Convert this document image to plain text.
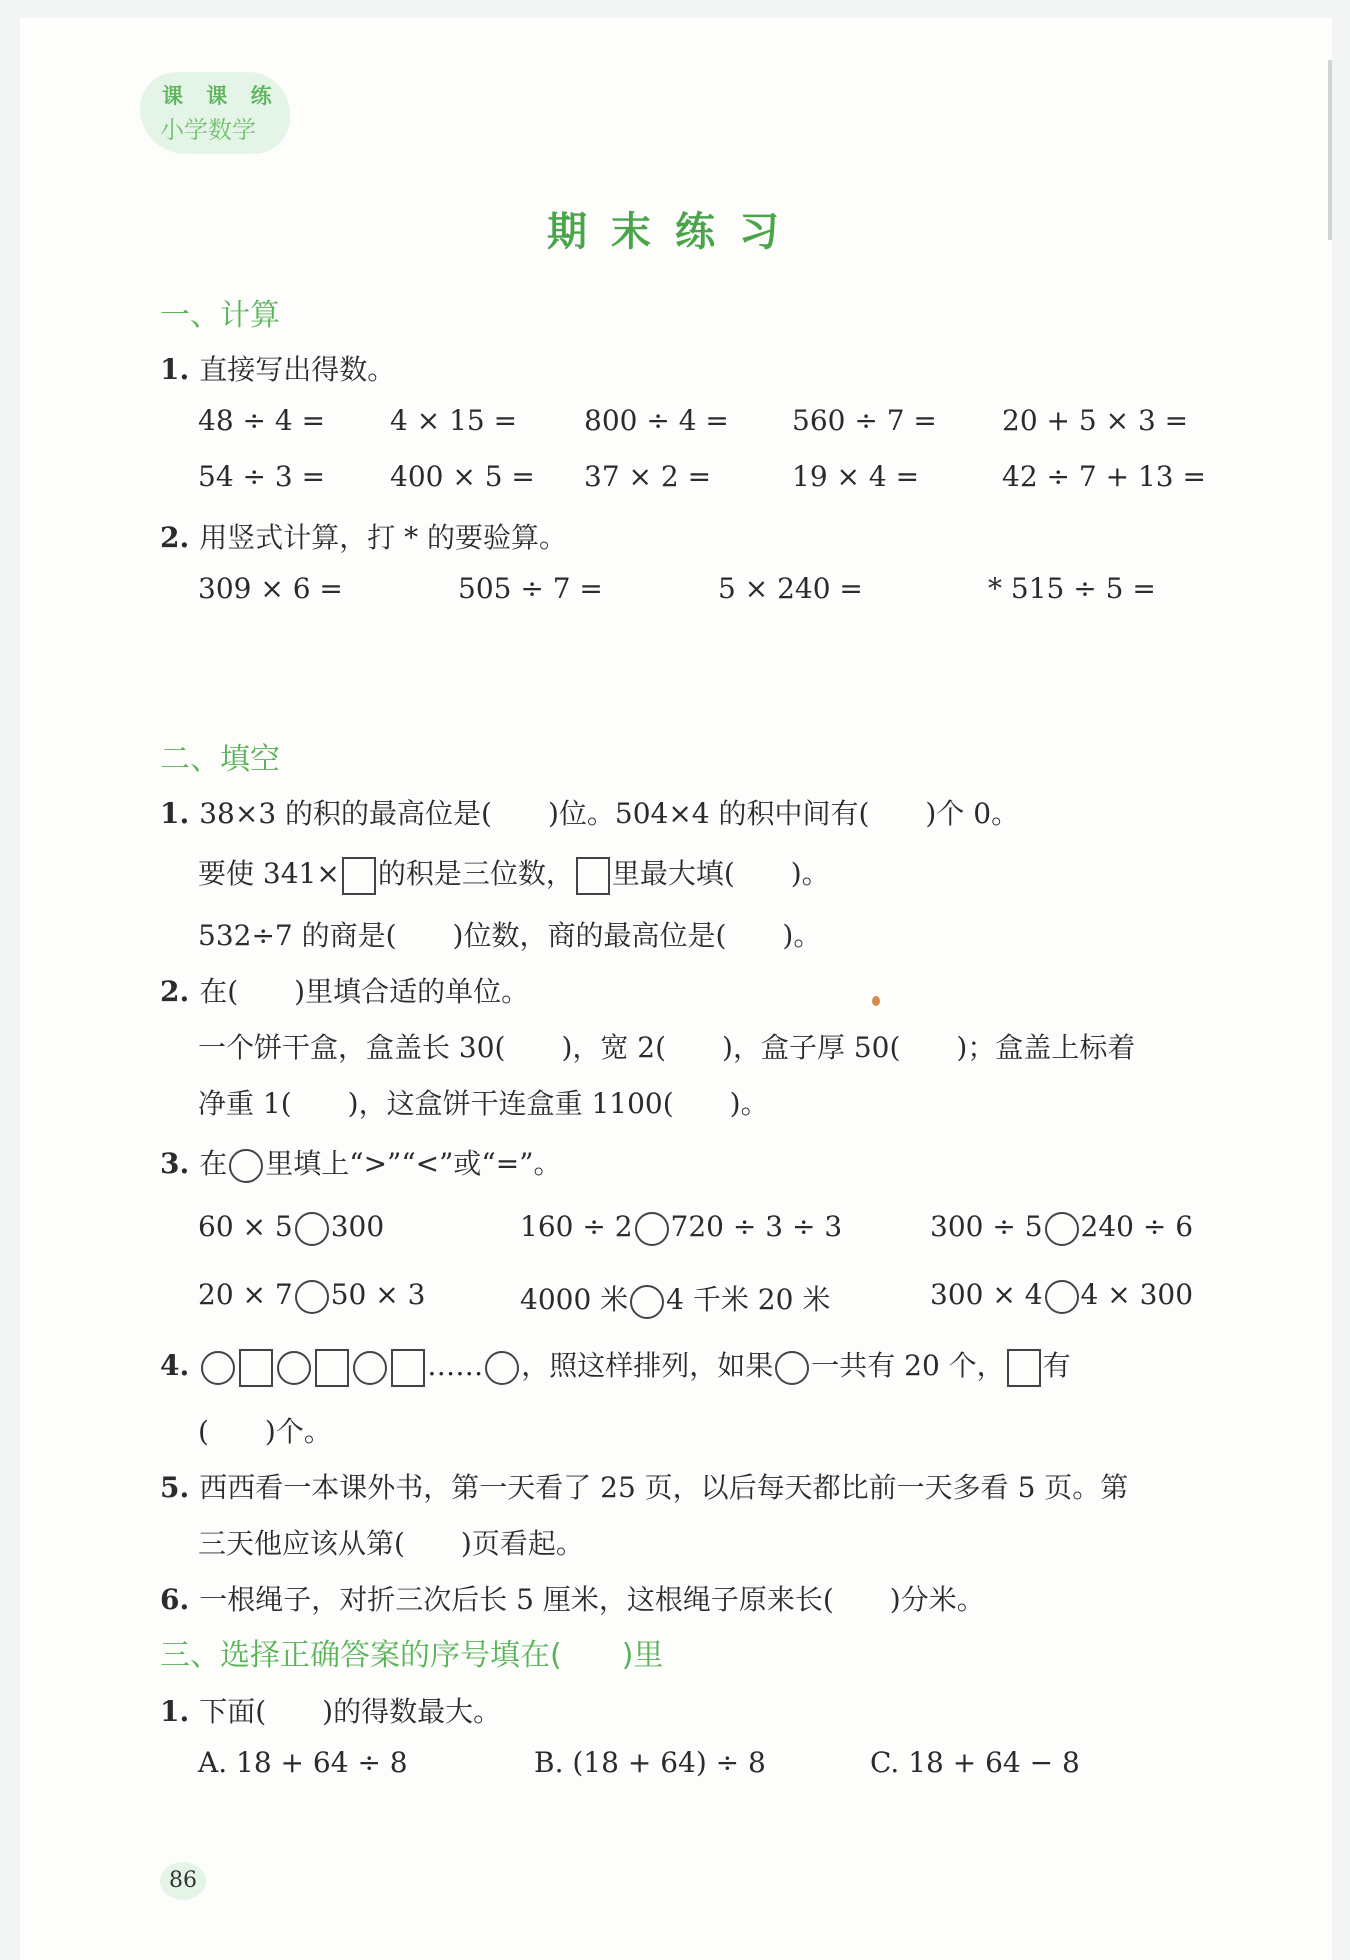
课 课 练
小学数学
期末练习
一、计算
1. 直接写出得数。
48 ÷ 4 = 4 × 15 = 800 ÷ 4 = 560 ÷ 7 = 20 + 5 × 3 =
54 ÷ 3 = 400 × 5 = 37 × 2 =	19 × 4 =	42 ÷ 7 + 13 =
2. 用竖式计算，打 * 的要验算。
309 × 6 =	505 ÷ 7 =	5 × 240 =	* 515 ÷ 5 =
二、填空
1. 38×3 的积的最高位是(　　)位。504×4 的积中间有(　　)个 0。
要使 341× 的积是三位数， 里最大填(　　)。
532÷7 的商是(　　)位数，商的最高位是(　　)。
2. 在(　　)里填合适的单位。
一个饼干盒，盒盖长 30(　　)，宽 2(　　)，盒子厚 50(　　)；盒盖上标着
净重 1(　　)，这盒饼干连盒重 1100(　　)。
3. 在 里填上“>”“<”或“=”。
60 × 5 300	160 ÷ 2 720 ÷ 3 ÷ 3	300 ÷ 5 240 ÷ 6
20 × 7 50 × 3	4000 米 4 千米 20 米	300 × 4 4 × 300
4.	…… ，照这样排列，如果 一共有 20 个， 有
(　　)个。
5. 西西看一本课外书，第一天看了 25 页，以后每天都比前一天多看 5 页。第
三天他应该从第(　　)页看起。
6. 一根绳子，对折三次后长 5 厘米，这根绳子原来长(　　)分米。
三、选择正确答案的序号填在(　　)里
1. 下面(　　)的得数最大。
A. 18 + 64 ÷ 8	B. (18 + 64) ÷ 8	C. 18 + 64 − 8
86
